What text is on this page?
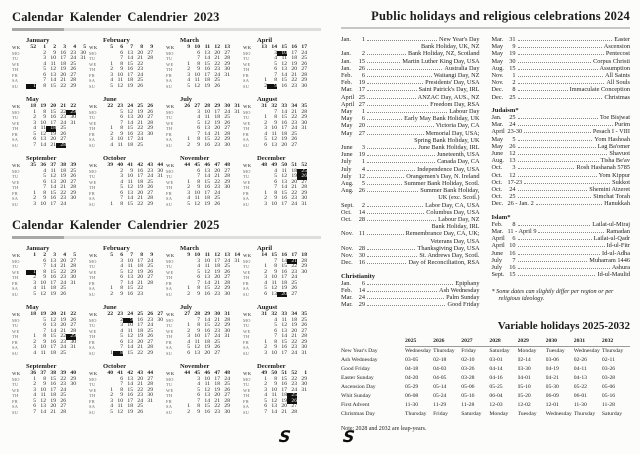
Calendar Kalender Calendrier 2023
January
WK	52	1	2	3	4	5
MO		2	9	16	23	30
TU		3	10	17	24	31
WE		4	11	18	25	
TH		5	12	19	26	
FR		6	13	20	27	
SA		7	14	21	28	
SU	1	8	15	22	29	
February
WK	5	6	7	8	9
MO		6	13	20	27
TU		7	14	21	28
WE	1	8	15	22	
TH	2	9	16	23	
FR	3	10	17	24	
SA	4	11	18	25	
SU	5	12	19	26	
March
WK	9	10	11	12	13
MO		6	13	20	27
TU		7	14	21	28
WE	1	8	15	22	29
TH	2	9	16	23	30
FR	3	10	17	24	31
SA	4	11	18	25	
SU	5	12	19	26	
April
WK	13	14	15	16	17
MO		3	10	17	24
TU		4	11	18	25
WE		5	12	19	26
TH		6	13	20	27
FR		7	14	21	28
SA	1	8	15	22	29
SU	2	9	16	23	30
May
WK	18	19	20	21	22
MO	1	8	15	22	29
TU	2	9	16	23	30
WE	3	10	17	24	31
TH	4	11	18	25	
FR	5	12	19	26	
SA	6	13	20	27	
SU	7	14	21	28	
June
WK	22	23	24	25	26
MO		5	12	19	26
TU		6	13	20	27
WE		7	14	21	28
TH	1	8	15	22	29
FR	2	9	16	23	30
SA	3	10	17	24	
SU	4	11	18	25	
July
WK	26	27	28	29	30	31
MO		3	10	17	24	31
TU		4	11	18	25	
WE		5	12	19	26	
TH		6	13	20	27	
FR		7	14	21	28	
SA	1	8	15	22	29	
SU	2	9	16	23	30	
August
WK	31	32	33	34	35
MO		7	14	21	28
TU	1	8	15	22	29
WE	2	9	16	23	30
TH	3	10	17	24	31
FR	4	11	18	25	
SA	5	12	19	26	
SU	6	13	20	27	
September
WK	35	36	37	38	39
MO		4	11	18	25
TU		5	12	19	26
WE		6	13	20	27
TH		7	14	21	28
FR	1	8	15	22	29
SA	2	9	16	23	30
SU	3	10	17	24	
October
WK	39	40	41	42	43	44
MO		2	9	16	23	30
TU		3	10	17	24	31
WE		4	11	18	25	
TH		5	12	19	26	
FR		6	13	20	27	
SA		7	14	21	28	
SU	1	8	15	22	29	
November
WK	44	45	46	47	48
MO		6	13	20	27
TU		7	14	21	28
WE	1	8	15	22	29
TH	2	9	16	23	30
FR	3	10	17	24	
SA	4	11	18	25	
SU	5	12	19	26	
December
WK	48	49	50	51	52
MO		4	11	18	25
TU		5	12	19	26
WE		6	13	20	27
TH		7	14	21	28
FR	1	8	15	22	29
SA	2	9	16	23	30
SU	3	10	17	24	31
Calendar Kalender Calendrier 2025
January
WK	1	2	3	4	5
MO		6	13	20	27
TU		7	14	21	28
WE	1	8	15	22	29
TH	2	9	16	23	30
FR	3	10	17	24	31
SA	4	11	18	25	
SU	5	12	19	26	
February
WK	5	6	7	8	9
MO		3	10	17	24
TU		4	11	18	25
WE		5	12	19	26
TH		6	13	20	27
FR		7	14	21	28
SA	1	8	15	22	
SU	2	9	16	23	
March
WK	9	10	11	12	13	14
MO		3	10	17	24	31
TU		4	11	18	25	
WE		5	12	19	26	
TH		6	13	20	27	
FR		7	14	21	28	
SA	1	8	15	22	29	
SU	2	9	16	23	30	
April
WK	14	15	16	17	18
MO		7	14	21	28
TU	1	8	15	22	29
WE	2	9	16	23	30
TH	3	10	17	24	
FR	4	11	18	25	
SA	5	12	19	26	
SU	6	13	20	27	
May
WK	18	19	20	21	22
MO		5	12	19	26
TU		6	13	20	27
WE		7	14	21	28
TH	1	8	15	22	29
FR	2	9	16	23	30
SA	3	10	17	24	31
SU	4	11	18	25	
June
WK	22	23	24	25	26	27
MO		2	9	16	23	30
TU		3	10	17	24	
WE		4	11	18	25	
TH		5	12	19	26	
FR		6	13	20	27	
SA		7	14	21	28	
SU	1	8	15	22	29	
July
WK	27	28	29	30	31
MO		7	14	21	28
TU	1	8	15	22	29
WE	2	9	16	23	30
TH	3	10	17	24	31
FR	4	11	18	25	
SA	5	12	19	26	
SU	6	13	20	27	
August
WK	31	32	33	34	35
MO		4	11	18	25
TU		5	12	19	26
WE		6	13	20	27
TH		7	14	21	28
FR	1	8	15	22	29
SA	2	9	16	23	30
SU	3	10	17	24	31
September
WK	36	37	38	39	40
MO	1	8	15	22	29
TU	2	9	16	23	30
WE	3	10	17	24	
TH	4	11	18	25	
FR	5	12	19	26	
SA	6	13	20	27	
SU	7	14	21	28	
October
WK	40	41	42	43	44
MO		6	13	20	27
TU		7	14	21	28
WE	1	8	15	22	29
TH	2	9	16	23	30
FR	3	10	17	24	31
SA	4	11	18	25	
SU	5	12	19	26	
November
WK	44	45	46	47	48
MO		3	10	17	24
TU		4	11	18	25
WE		5	12	19	26
TH		6	13	20	27
FR		7	14	21	28
SA	1	8	15	22	29
SU	2	9	16	23	30
December
WK	49	50	51	52	1
MO	1	8	15	22	29
TU	2	9	16	23	30
WE	3	10	17	24	31
TH	4	11	18	25	
FR	5	12	19	26	
SA	6	13	20	27	
SU	7	14	21	28	
S
Public holidays and religious celebrations 2024
Jan.	1	New Year's Day
Bank Holiday, UK, NZ
Jan.	2	Bank Holiday, NZ, Scotland
Jan.	15	Martin Luther King Day, USA
Jan.	26	Australia Day
Feb.	6	Waitangi Day, NZ
Feb.	19	Presidents' Day, USA
Mar. 17	Saint Patrick's Day, IRL
April 25	ANZAC Day, AUS., NZ
April 27	Freedom Day, RSA
May	1	Labour Day
May	6	Early May Bank Holiday, UK
May 20	Victoria Day, CA
May 27	Memorial Day, USA;
Spring Bank Holiday, UK
June	3	June Bank Holiday, IRL
June 19	Juneteenth, USA
July	1	Canada Day, CA
July	4	Independence Day, USA
July	12	Orangemen's Day, N. Ireland
Aug.	5	Summer Bank Holiday, Scotl.
Aug. 26	Summer Bank Holiday,
UK (exc. Scotl.)
Sept.	2	Labor Day, CA, USA
Oct.	14	Columbus Day, USA
Oct.	28	Labour Day, NZ
Bank Holiday, IRL
Nov. 11	Remembrance Day, CA, UK;
Veterans Day, USA
Nov. 28	Thanksgiving Day, USA
Nov. 30	St. Andrews Day, Scotl.
Dec. 16	Day of Reconciliation, RSA
Christianity
Jan.	6	Epiphany
Feb.	14	Ash Wednesday
Mar. 24	Palm Sunday
Mar. 29	Good Friday
Mar. 31	Easter
May	9	Ascension
May 19	Pentecost
May 30	Corpus Christi
Aug. 15	Assumption
Nov.	1	All Saints
Nov.	2	All Souls
Dec.	8	Immaculate Conception
Dec. 25	Christmas
Judaism*
Jan.	25	Toe Bisjwat
Mar. 24	Purim
April 23-30	Pesach I - VIII
May	5	Yom Hashoah
May 26	Lag Ba'omer
June 12	Shavuot
Aug. 13	Tisha Be'av
Oct.	3	Rosh Hashanah 5785
Oct.	12	Yom Kippur
Oct. 17-23	Sukkot
Oct.	24	Shemini Atzeret
Oct.	25	Simchat Torah
Dec. 26 - Jan. 2	Hanukkah
Islam*
Feb.	8	Lailat-ul-Miraj
Mar. 11 - April 9	Ramadan
April	6	Lailat-ul-Qadr
April 10	Id-ul-Fitr
June 16	Id-ul-Adha
July	7	Muharram 1446
July	16	Ashura
Sept. 15	Id-ul-Maulid
* Some dates can slightly differ per region or per religious ideology.
Variable holidays 2025-2032
	2025	2026	2027	2028	2029	2030	2031	2032
New Year's Day	Wednesday	Thursday	Friday	Saturday	Monday	Tuesday	Wednesday	Thursday
Ash Wednesday	03-05	02-18	02-10	03-01	02-14	03-06	02-26	02-11
Good Friday	04-18	04-03	03-26	04-14	03-30	04-19	04-11	03-26
Easter Sunday	04-20	04-05	03-28	04-16	04-01	04-21	04-13	03-28
Ascension Day	05-29	05-14	05-06	05-25	05-10	05-30	05-22	05-06
Whit Sunday	06-08	05-24	05-16	06-04	05-20	06-09	06-01	05-16
First Advent	11-30	11-29	11-28	12-03	12-02	12-01	11-30	11-28
Christmas Day	Thursday	Friday	Saturday	Monday	Tuesday	Wednesday	Thursday	Saturday
Note: 2028 and 2032 are leap-years.
S
